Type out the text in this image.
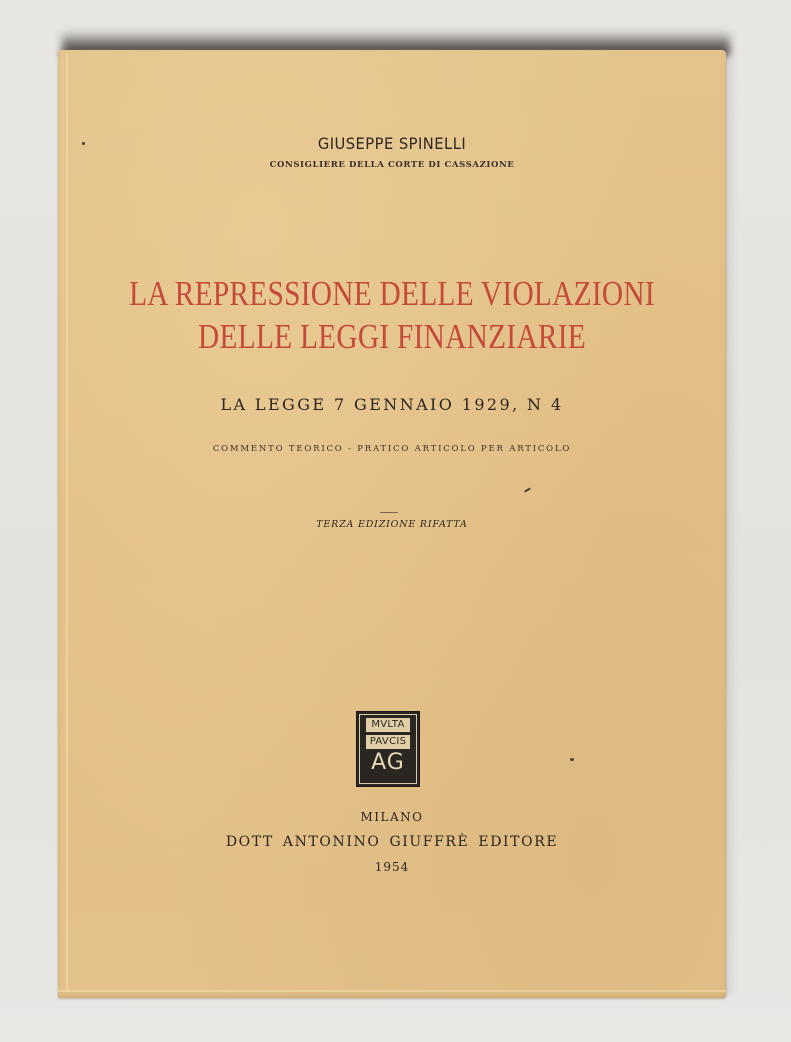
GIUSEPPE SPINELLI
CONSIGLIERE DELLA CORTE DI CASSAZIONE
LA REPRESSIONE DELLE VIOLAZIONI
DELLE LEGGI FINANZIARIE
LA LEGGE 7 GENNAIO 1929, N 4
COMMENTO TEORICO - PRATICO ARTICOLO PER ARTICOLO
TERZA EDIZIONE RIFATTA
MVLTA
PAVCIS
AG
MILANO
DOTT ANTONINO GIUFFRÈ EDITORE
1954
